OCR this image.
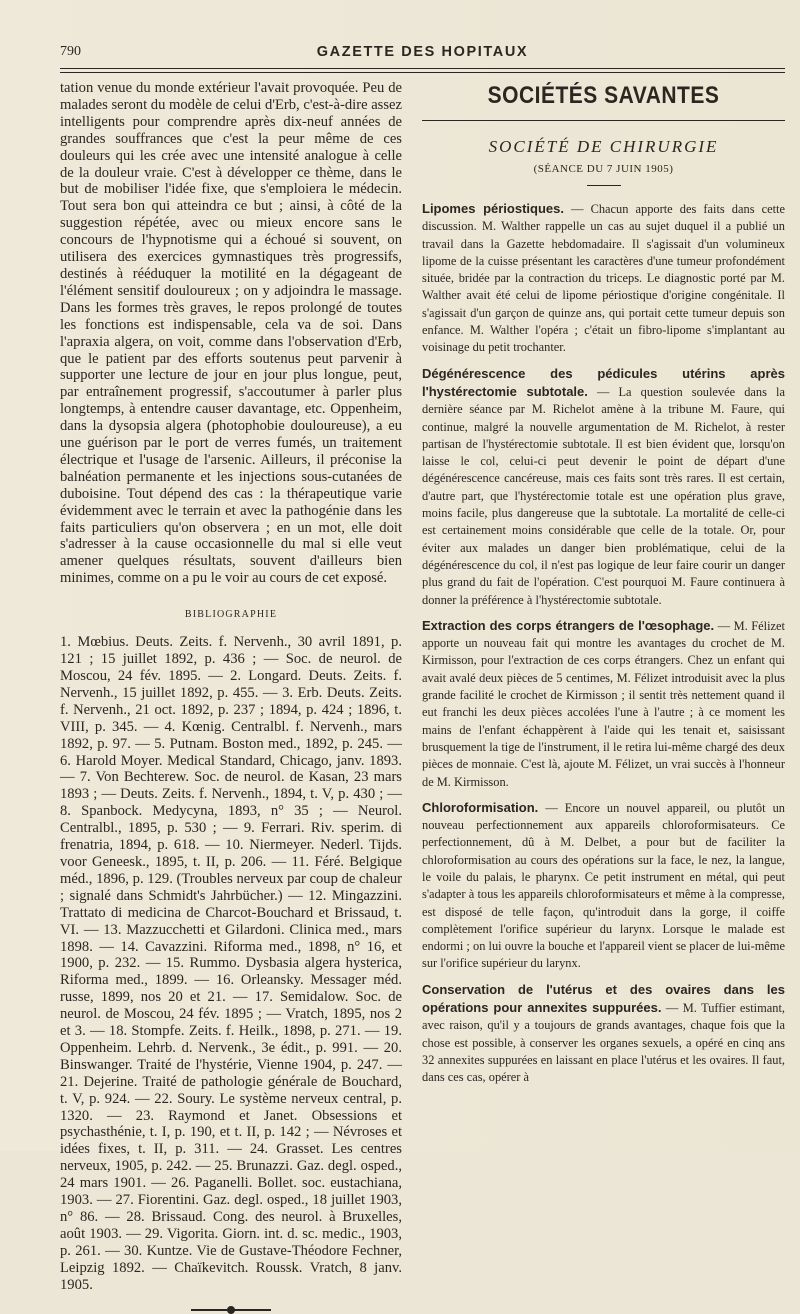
790	GAZETTE DES HOPITAUX

tation venue du monde extérieur l'avait provoquée. Peu de malades seront du modèle de celui d'Erb, c'est-à-dire assez intelligents pour comprendre après dix-neuf années de grandes souffrances que c'est la peur même de ces douleurs qui les crée avec une intensité analogue à celle de la douleur vraie. C'est à développer ce thème, dans le but de mobiliser l'idée fixe, que s'emploiera le médecin. Tout sera bon qui atteindra ce but ; ainsi, à côté de la suggestion répétée, avec ou mieux encore sans le concours de l'hypnotisme qui a échoué si souvent, on utilisera des exercices gymnastiques très progressifs, destinés à rééduquer la motilité en la dégageant de l'élément sensitif douloureux ; on y adjoindra le massage. Dans les formes très graves, le repos prolongé de toutes les fonctions est indispensable, cela va de soi. Dans l'apraxia algera, on voit, comme dans l'observation d'Erb, que le patient par des efforts soutenus peut parvenir à supporter une lecture de jour en jour plus longue, peut, par entraînement progressif, s'accoutumer à parler plus longtemps, à entendre causer davantage, etc. Oppenheim, dans la dysopsia algera (photophobie douloureuse), a eu une guérison par le port de verres fumés, un traitement électrique et l'usage de l'arsenic. Ailleurs, il préconise la balnéation permanente et les injections sous-cutanées de duboisine. Tout dépend des cas : la thérapeutique varie évidemment avec le terrain et avec la pathogénie dans les faits particuliers qu'on observera ; en un mot, elle doit s'adresser à la cause occasionnelle du mal si elle veut amener quelques résultats, souvent d'ailleurs bien minimes, comme on a pu le voir au cours de cet exposé.

BIBLIOGRAPHIE

1. Mœbius. Deuts. Zeits. f. Nervenh., 30 avril 1891, p. 121 ; 15 juillet 1892, p. 436 ; — Soc. de neurol. de Moscou, 24 fév. 1895. — 2. Longard. Deuts. Zeits. f. Nervenh., 15 juillet 1892, p. 455. — 3. Erb. Deuts. Zeits. f. Nervenh., 21 oct. 1892, p. 237 ; 1894, p. 424 ; 1896, t. VIII, p. 345. — 4. Kœnig. Centralbl. f. Nervenh., mars 1892, p. 97. — 5. Putnam. Boston med., 1892, p. 245. — 6. Harold Moyer. Medical Standard, Chicago, janv. 1893. — 7. Von Bechterew. Soc. de neurol. de Kasan, 23 mars 1893 ; — Deuts. Zeits. f. Nervenh., 1894, t. V, p. 430 ; — 8. Spanbock. Medycyna, 1893, n° 35 ; — Neurol. Centralbl., 1895, p. 530 ; — 9. Ferrari. Riv. sperim. di frenatria, 1894, p. 618. — 10. Niermeyer. Nederl. Tijds. voor Geneesk., 1895, t. II, p. 206. — 11. Féré. Belgique méd., 1896, p. 129. (Troubles nerveux par coup de chaleur ; signalé dans Schmidt's Jahrbücher.) — 12. Mingazzini. Trattato di medicina de Charcot-Bouchard et Brissaud, t. VI. — 13. Mazzucchetti et Gilardoni. Clinica med., mars 1898. — 14. Cavazzini. Riforma med., 1898, n° 16, et 1900, p. 232. — 15. Rummo. Dysbasia algera hysterica, Riforma med., 1899. — 16. Orleansky. Messager méd. russe, 1899, nos 20 et 21. — 17. Semidalow. Soc. de neurol. de Moscou, 24 fév. 1895 ; — Vratch, 1895, nos 2 et 3. — 18. Stompfe. Zeits. f. Heilk., 1898, p. 271. — 19. Oppenheim. Lehrb. d. Nervenk., 3e édit., p. 991. — 20. Binswanger. Traité de l'hystérie, Vienne 1904, p. 247. — 21. Dejerine. Traité de pathologie générale de Bouchard, t. V, p. 924. — 22. Soury. Le système nerveux central, p. 1320. — 23. Raymond et Janet. Obsessions et psychasthénie, t. I, p. 190, et t. II, p. 142 ; — Névroses et idées fixes, t. II, p. 311. — 24. Grasset. Les centres nerveux, 1905, p. 242. — 25. Brunazzi. Gaz. degl. osped., 24 mars 1901. — 26. Paganelli. Bollet. soc. eustachiana, 1903. — 27. Fiorentini. Gaz. degl. osped., 18 juillet 1903, n° 86. — 28. Brissaud. Cong. des neurol. à Bruxelles, août 1903. — 29. Vigorita. Giorn. int. d. sc. medic., 1903, p. 261. — 30. Kuntze. Vie de Gustave-Théodore Fechner, Leipzig 1892. — Chaïkevitch. Roussk. Vratch, 8 janv. 1905.

SOCIÉTÉS SAVANTES
SOCIÉTÉ DE CHIRURGIE
(SÉANCE DU 7 JUIN 1905)

Lipomes périostiques. — Chacun apporte des faits dans cette discussion. M. Walther rappelle un cas au sujet duquel il a publié un travail dans la Gazette hebdomadaire. Il s'agissait d'un volumineux lipome de la cuisse présentant les caractères d'une tumeur profondément située, bridée par la contraction du triceps. Le diagnostic porté par M. Walther avait été celui de lipome périostique d'origine congénitale. Il s'agissait d'un garçon de quinze ans, qui portait cette tumeur depuis son enfance. M. Walther l'opéra ; c'était un fibro-lipome s'implantant au voisinage du petit trochanter.

Dégénérescence des pédicules utérins après l'hystérectomie subtotale. — La question soulevée dans la dernière séance par M. Richelot amène à la tribune M. Faure, qui continue, malgré la nouvelle argumentation de M. Richelot, à rester partisan de l'hystérectomie subtotale. Il est bien évident que, lorsqu'on laisse le col, celui-ci peut devenir le point de départ d'une dégénérescence cancéreuse, mais ces faits sont très rares. Il est certain, d'autre part, que l'hystérectomie totale est une opération plus grave, moins facile, plus dangereuse que la subtotale. La mortalité de celle-ci est certainement moins considérable que celle de la totale. Or, pour éviter aux malades un danger bien problématique, celui de la dégénérescence du col, il n'est pas logique de leur faire courir un danger plus grand du fait de l'opération. C'est pourquoi M. Faure continuera à donner la préférence à l'hystérectomie subtotale.

Extraction des corps étrangers de l'œsophage. — M. Félizet apporte un nouveau fait qui montre les avantages du crochet de M. Kirmisson, pour l'extraction de ces corps étrangers. Chez un enfant qui avait avalé deux pièces de 5 centimes, M. Félizet introduisit avec la plus grande facilité le crochet de Kirmisson ; il sentit très nettement quand il eut franchi les deux pièces accolées l'une à l'autre ; à ce moment les mains de l'enfant échappèrent à l'aide qui les tenait et, saisissant brusquement la tige de l'instrument, il le retira lui-même chargé des deux pièces de monnaie. C'est là, ajoute M. Félizet, un vrai succès à l'honneur de M. Kirmisson.

Chloroformisation. — Encore un nouvel appareil, ou plutôt un nouveau perfectionnement aux appareils chloroformisateurs. Ce perfectionnement, dû à M. Delbet, a pour but de faciliter la chloroformisation au cours des opérations sur la face, le nez, la langue, le voile du palais, le pharynx. Ce petit instrument en métal, qui peut s'adapter à tous les appareils chloroformisateurs et même à la compresse, est disposé de telle façon, qu'introduit dans la gorge, il coiffe complètement l'orifice supérieur du larynx. Lorsque le malade est endormi ; on lui ouvre la bouche et l'appareil vient se placer de lui-même sur l'orifice supérieur du larynx.

Conservation de l'utérus et des ovaires dans les opérations pour annexites suppurées. — M. Tuffier estimant, avec raison, qu'il y a toujours de grands avantages, chaque fois que la chose est possible, à conserver les organes sexuels, a opéré en cinq ans 32 annexites suppurées en laissant en place l'utérus et les ovaires. Il faut, dans ces cas, opérer à
